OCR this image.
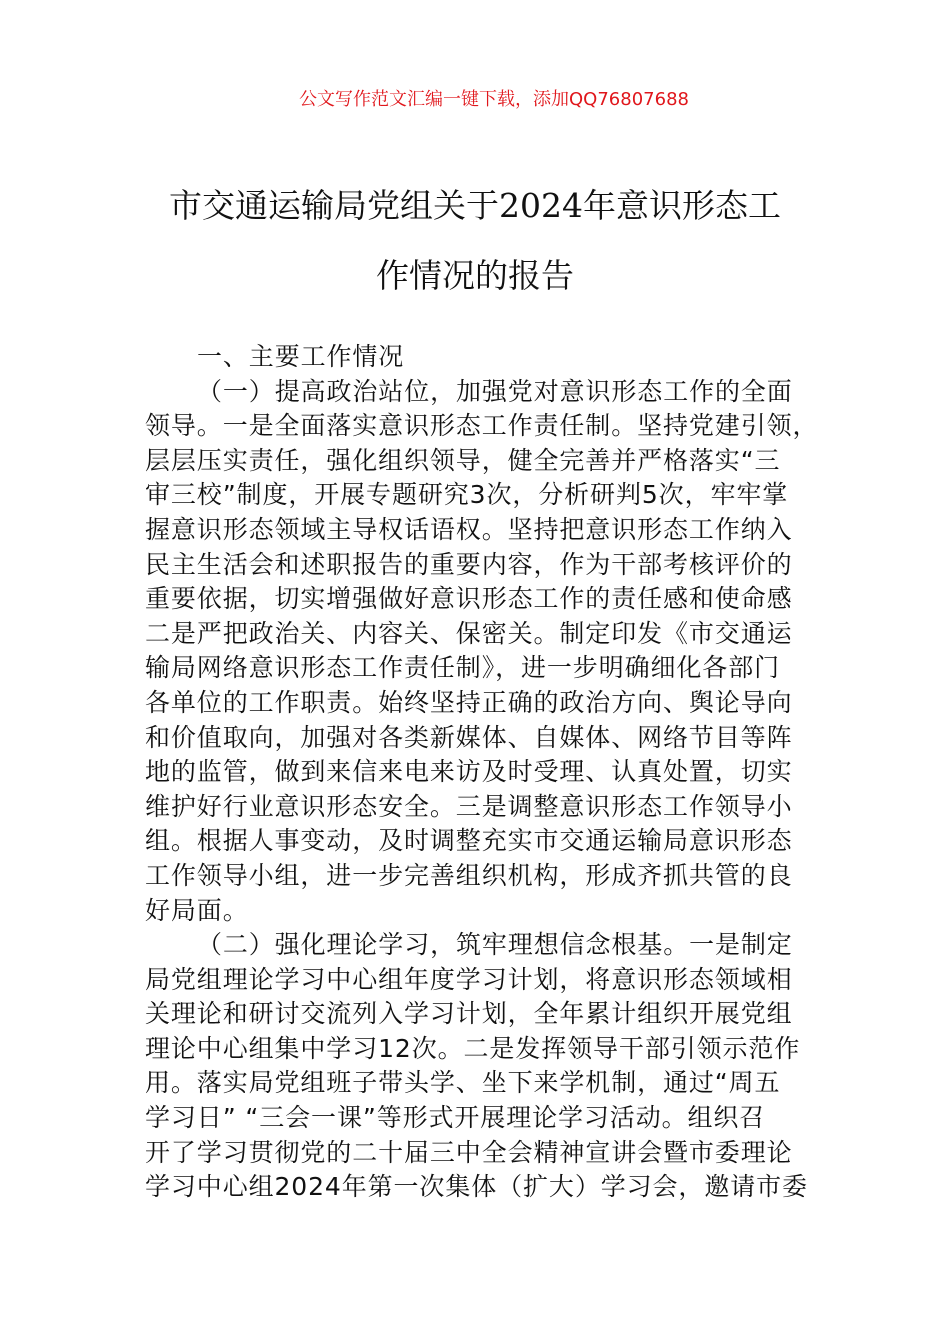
公文写作范文汇编一键下载，添加QQ76807688
市交通运输局党组关于2024年意识形态工
作情况的报告
一、主要工作情况
（一）提高政治站位，加强党对意识形态工作的全面
领导。一是全面落实意识形态工作责任制。坚持党建引领，
层层压实责任，强化组织领导，健全完善并严格落实“三
审三校”制度，开展专题研究3次，分析研判5次，牢牢掌
握意识形态领域主导权话语权。坚持把意识形态工作纳入
民主生活会和述职报告的重要内容，作为干部考核评价的
重要依据，切实增强做好意识形态工作的责任感和使命感
二是严把政治关、内容关、保密关。制定印发《市交通运
输局网络意识形态工作责任制》，进一步明确细化各部门
各单位的工作职责。始终坚持正确的政治方向、舆论导向
和价值取向，加强对各类新媒体、自媒体、网络节目等阵
地的监管，做到来信来电来访及时受理、认真处置，切实
维护好行业意识形态安全。三是调整意识形态工作领导小
组。根据人事变动，及时调整充实市交通运输局意识形态
工作领导小组，进一步完善组织机构，形成齐抓共管的良
好局面。
（二）强化理论学习，筑牢理想信念根基。一是制定
局党组理论学习中心组年度学习计划，将意识形态领域相
关理论和研讨交流列入学习计划，全年累计组织开展党组
理论中心组集中学习12次。二是发挥领导干部引领示范作
用。落实局党组班子带头学、坐下来学机制，通过“周五
学习日” “三会一课”等形式开展理论学习活动。组织召
开了学习贯彻党的二十届三中全会精神宣讲会暨市委理论
学习中心组2024年第一次集体（扩大）学习会，邀请市委
